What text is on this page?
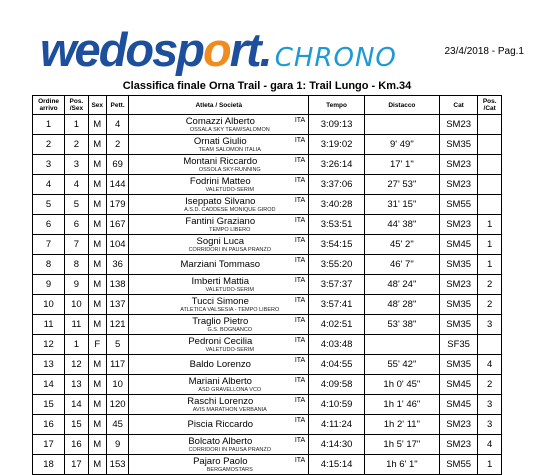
wedosport. CHRONO	23/4/2018 - Pag.1
Classifica finale Orna Trail - gara 1: Trail Lungo - Km.34
Ordine arrivo	Pos. /Sex	Sex	Pett.	Atleta / Società	Tempo	Distacco	Cat	Pos. /Cat
1	1	M	4	Comazzi Alberto ITA
OSSALA SKY TEAM/SALOMON	3:09:13		SM23	
2	2	M	2	Ornati Giulio ITA
TEAM SALOMON ITALIA	3:19:02	9' 49"	SM35	
3	3	M	69	Montani Riccardo ITA
OSSOLA SKY-RUNNING	3:26:14	17' 1"	SM23	
4	4	M	144	Fodrini Matteo ITA
VALETUDO-SERIM	3:37:06	27' 53"	SM23	
5	5	M	179	Iseppato Silvano ITA
A.S.D. CADDESE MONIQUE GIROD	3:40:28	31' 15"	SM55	
6	6	M	167	Fantini Graziano ITA
TEMPO LIBERO	3:53:51	44' 38"	SM23	1
7	7	M	104	Sogni Luca ITA
CORRIDORI IN PAUSA PRANZO	3:54:15	45' 2"	SM45	1
8	8	M	36	Marziani Tommaso ITA	3:55:20	46' 7"	SM35	1
9	9	M	138	Imberti Mattia ITA
VALETUDO-SERIM	3:57:37	48' 24"	SM23	2
10	10	M	137	Tucci Simone ITA
ATLETICA VALSESIA - TEMPO LIBERO	3:57:41	48' 28"	SM35	2
11	11	M	121	Traglio Pietro ITA
G.S. BOGNANCO	4:02:51	53' 38"	SM35	3
12	1	F	5	Pedroni Cecilia ITA
VALETUDO-SERIM	4:03:48		SF35	
13	12	M	117	Baldo Lorenzo ITA	4:04:55	55' 42"	SM35	4
14	13	M	10	Mariani Alberto ITA
ASD GRAVELLONA VCO	4:09:58	1h 0' 45"	SM45	2
15	14	M	120	Raschi Lorenzo ITA
AVIS MARATHON VERBANIA	4:10:59	1h 1' 46"	SM45	3
16	15	M	45	Piscia Riccardo ITA	4:11:24	1h 2' 11"	SM23	3
17	16	M	9	Bolcato Alberto ITA
CORRIDORI IN PAUSA PRANZO	4:14:30	1h 5' 17"	SM23	4
18	17	M	153	Pajaro Paolo ITA
BERGAMOSTARS	4:15:14	1h 6' 1"	SM55	1
